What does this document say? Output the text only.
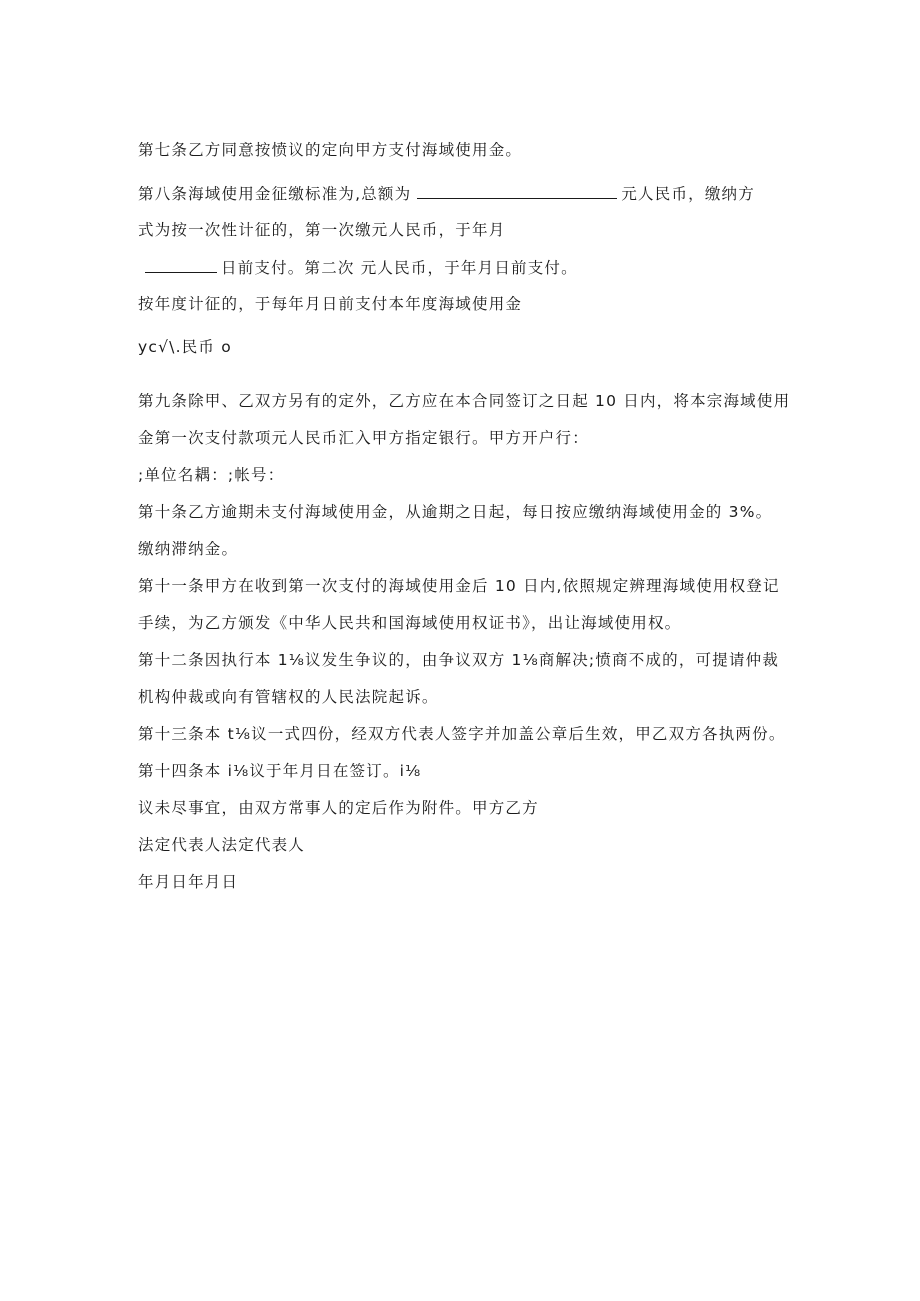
第七条乙方同意按愤议的定向甲方支付海域使用金。
第八条海域使用金征缴标准为,总额为	元人民币，缴纳方
式为按一次性计征的，第一次缴元人民币，于年月
日前支付。第二次 元人民币，于年月日前支付。
按年度计征的，于每年月日前支付本年度海域使用金
yc√\.民币 o
第九条除甲、乙双方另有的定外，乙方应在本合同签订之日起 10 日内，将本宗海域使用
金第一次支付款项元人民币汇入甲方指定银行。甲方开户行：
;单位名耦：;帐号：
第十条乙方逾期未支付海域使用金，从逾期之日起，每日按应缴纳海域使用金的 3%。
缴纳滞纳金。
第十一条甲方在收到第一次支付的海域使用金后 10 日内,依照规定辨理海域使用权登记
手续，为乙方颁发《中华人民共和国海域使用权证书》，出让海域使用权。
第十二条因执行本 1⅛议发生争议的，由争议双方 1⅛商解决;愤商不成的，可提请仲裁
机构仲裁或向有管辖权的人民法院起诉。
第十三条本 t⅛议一式四份，经双方代表人签字并加盖公章后生效，甲乙双方各执两份。
第十四条本 i⅛议于年月日在签订。i⅛
议未尽事宜，由双方常事人的定后作为附件。甲方乙方
法定代表人法定代表人
年月日年月日
